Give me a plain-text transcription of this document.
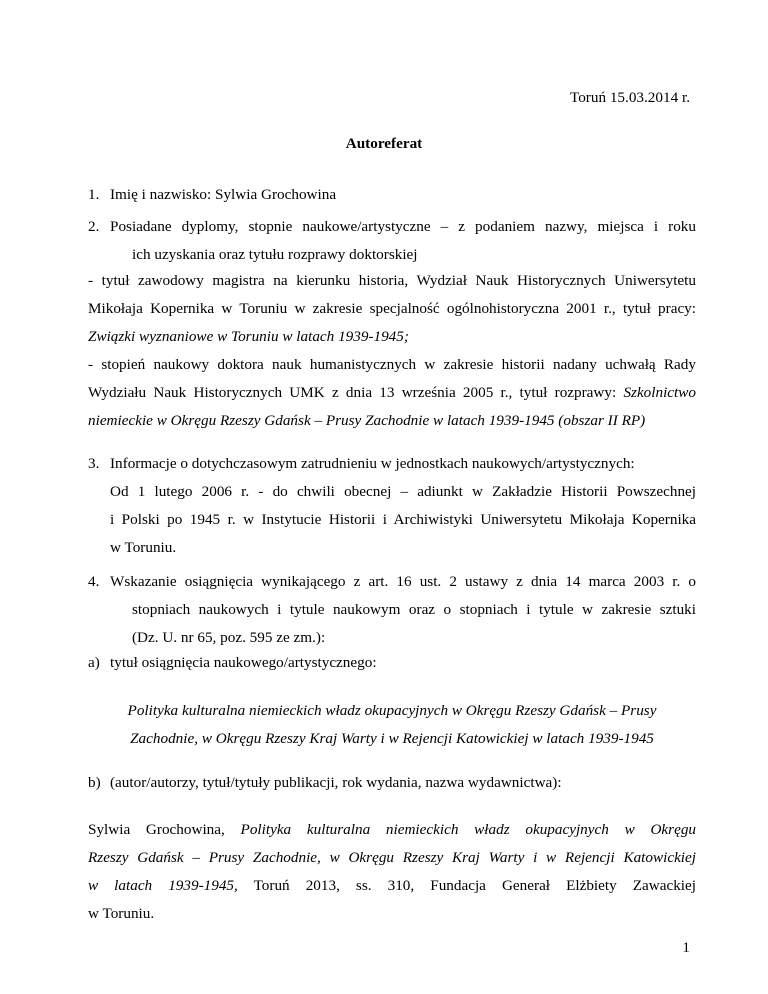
Toruń 15.03.2014 r.

Autoreferat

1. Imię i nazwisko: Sylwia Grochowina

2. Posiadane dyplomy, stopnie naukowe/artystyczne – z podaniem nazwy, miejsca i roku
ich uzyskania oraz tytułu rozprawy doktorskiej

- tytuł zawodowy magistra na kierunku historia, Wydział Nauk Historycznych Uniwersytetu
Mikołaja Kopernika w Toruniu w zakresie specjalność ogólnohistoryczna 2001 r., tytuł pracy:
Związki wyznaniowe w Toruniu w latach 1939-1945;

- stopień naukowy doktora nauk humanistycznych w zakresie historii nadany uchwałą Rady
Wydziału Nauk Historycznych UMK z dnia 13 września 2005 r., tytuł rozprawy: Szkolnictwo
niemieckie w Okręgu Rzeszy Gdańsk – Prusy Zachodnie w latach 1939-1945 (obszar II RP)

3. Informacje o dotychczasowym zatrudnieniu w jednostkach naukowych/artystycznych:
Od 1 lutego 2006 r. - do chwili obecnej – adiunkt w Zakładzie Historii Powszechnej
i Polski po 1945 r. w Instytucie Historii i Archiwistyki Uniwersytetu Mikołaja Kopernika
w Toruniu.

4. Wskazanie osiągnięcia wynikającego z art. 16 ust. 2 ustawy z dnia 14 marca 2003 r. o
stopniach naukowych i tytule naukowym oraz o stopniach i tytule w zakresie sztuki
(Dz. U. nr 65, poz. 595 ze zm.):

a) tytuł osiągnięcia naukowego/artystycznego:

Polityka kulturalna niemieckich władz okupacyjnych w Okręgu Rzeszy Gdańsk – Prusy
Zachodnie, w Okręgu Rzeszy Kraj Warty i w Rejencji Katowickiej w latach 1939-1945

b) (autor/autorzy, tytuł/tytuły publikacji, rok wydania, nazwa wydawnictwa):

Sylwia Grochowina, Polityka kulturalna niemieckich władz okupacyjnych w Okręgu
Rzeszy Gdańsk – Prusy Zachodnie, w Okręgu Rzeszy Kraj Warty i w Rejencji Katowickiej
w latach 1939-1945, Toruń 2013, ss. 310, Fundacja Generał Elżbiety Zawackiej
w Toruniu.

1
